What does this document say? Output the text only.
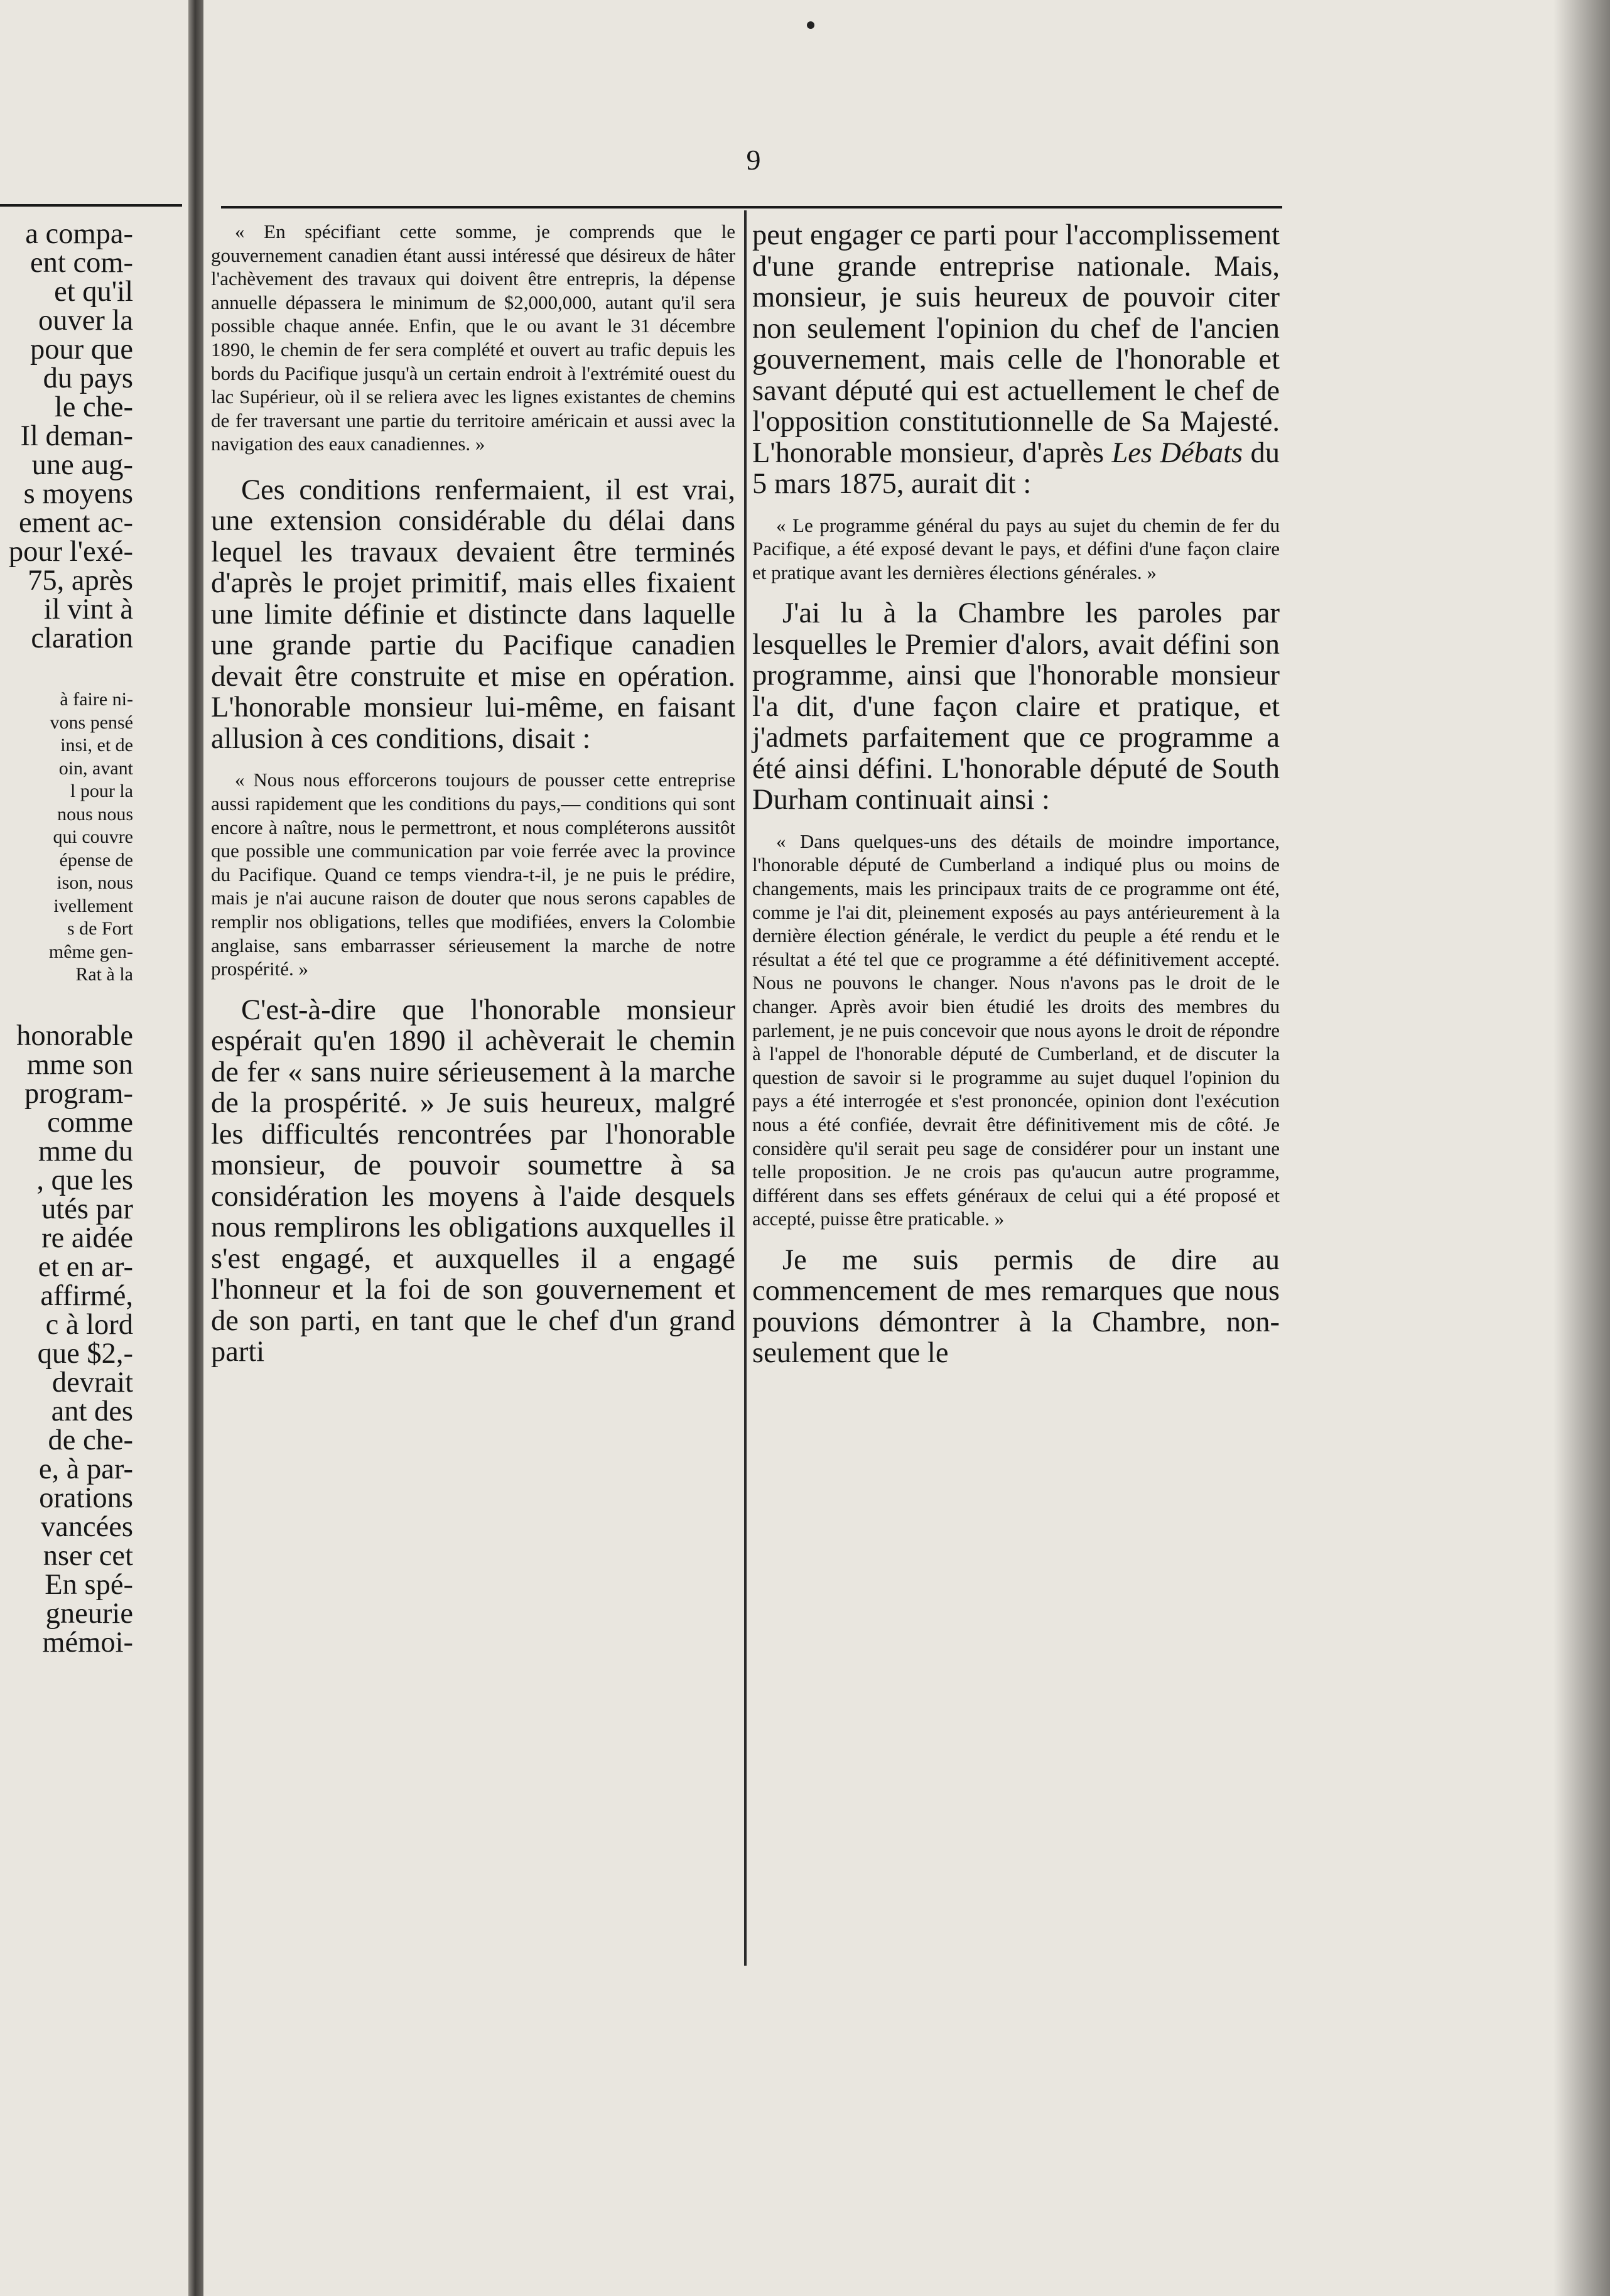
9
a compa-
ent com-
et qu'il
ouver la
pour que
du pays
le che-
Il deman-
une aug-
s moyens
ement ac-
pour l'exé-
75, après
il vint à
claration
à faire ni-
vons pensé
insi, et de
oin, avant
l pour la
nous nous
qui couvre
épense de
ison, nous
ivellement
s de Fort
même gen-
Rat à la
honorable
mme son
program-
comme
mme du
, que les
utés par
re aidée
et en ar-
affirmé,
c à lord
que $2,-
devrait
ant des
de che-
e, à par-
orations
vancées
nser cet
En spé-
gneurie
mémoi-

« En spécifiant cette somme, je comprends que le gouvernement canadien étant aussi intéressé que désireux de hâter l'achèvement des travaux qui doivent être entrepris, la dépense annuelle dépassera le minimum de $2,000,000, autant qu'il sera possible chaque année. Enfin, que le ou avant le 31 décembre 1890, le chemin de fer sera complété et ouvert au trafic depuis les bords du Pacifique jusqu'à un certain endroit à l'extrémité ouest du lac Supérieur, où il se reliera avec les lignes existantes de chemins de fer traversant une partie du territoire américain et aussi avec la navigation des eaux canadiennes. »

Ces conditions renfermaient, il est vrai, une extension considérable du délai dans lequel les travaux devaient être terminés d'après le projet primitif, mais elles fixaient une limite définie et distincte dans laquelle une grande partie du Pacifique canadien devait être construite et mise en opération. L'honorable monsieur lui-même, en faisant allusion à ces conditions, disait :

« Nous nous efforcerons toujours de pousser cette entreprise aussi rapidement que les conditions du pays,— conditions qui sont encore à naître, nous le permettront, et nous compléterons aussitôt que possible une communication par voie ferrée avec la province du Pacifique. Quand ce temps viendra-t-il, je ne puis le prédire, mais je n'ai aucune raison de douter que nous serons capables de remplir nos obligations, telles que modifiées, envers la Colombie anglaise, sans embarrasser sérieusement la marche de notre prospérité. »

C'est-à-dire que l'honorable monsieur espérait qu'en 1890 il achèverait le chemin de fer « sans nuire sérieusement à la marche de la prospérité. » Je suis heureux, malgré les difficultés rencontrées par l'honorable monsieur, de pouvoir soumettre à sa considération les moyens à l'aide desquels nous remplirons les obligations auxquelles il s'est engagé, et auxquelles il a engagé l'honneur et la foi de son gouvernement et de son parti, en tant que le chef d'un grand parti

peut engager ce parti pour l'accomplissement d'une grande entreprise nationale. Mais, monsieur, je suis heureux de pouvoir citer non seulement l'opinion du chef de l'ancien gouvernement, mais celle de l'honorable et savant député qui est actuellement le chef de l'opposition constitutionnelle de Sa Majesté. L'honorable monsieur, d'après Les Débats du 5 mars 1875, aurait dit :

« Le programme général du pays au sujet du chemin de fer du Pacifique, a été exposé devant le pays, et défini d'une façon claire et pratique avant les dernières élections générales. »

J'ai lu à la Chambre les paroles par lesquelles le Premier d'alors, avait défini son programme, ainsi que l'honorable monsieur l'a dit, d'une façon claire et pratique, et j'admets parfaitement que ce programme a été ainsi défini. L'honorable député de South Durham continuait ainsi :

« Dans quelques-uns des détails de moindre importance, l'honorable député de Cumberland a indiqué plus ou moins de changements, mais les principaux traits de ce programme ont été, comme je l'ai dit, pleinement exposés au pays antérieurement à la dernière élection générale, le verdict du peuple a été rendu et le résultat a été tel que ce programme a été définitivement accepté. Nous ne pouvons le changer. Nous n'avons pas le droit de le changer. Après avoir bien étudié les droits des membres du parlement, je ne puis concevoir que nous ayons le droit de répondre à l'appel de l'honorable député de Cumberland, et de discuter la question de savoir si le programme au sujet duquel l'opinion du pays a été interrogée et s'est prononcée, opinion dont l'exécution nous a été confiée, devrait être définitivement mis de côté. Je considère qu'il serait peu sage de considérer pour un instant une telle proposition. Je ne crois pas qu'aucun autre programme, différent dans ses effets généraux de celui qui a été proposé et accepté, puisse être praticable. »

Je me suis permis de dire au commencement de mes remarques que nous pouvions démontrer à la Chambre, non-seulement que le
